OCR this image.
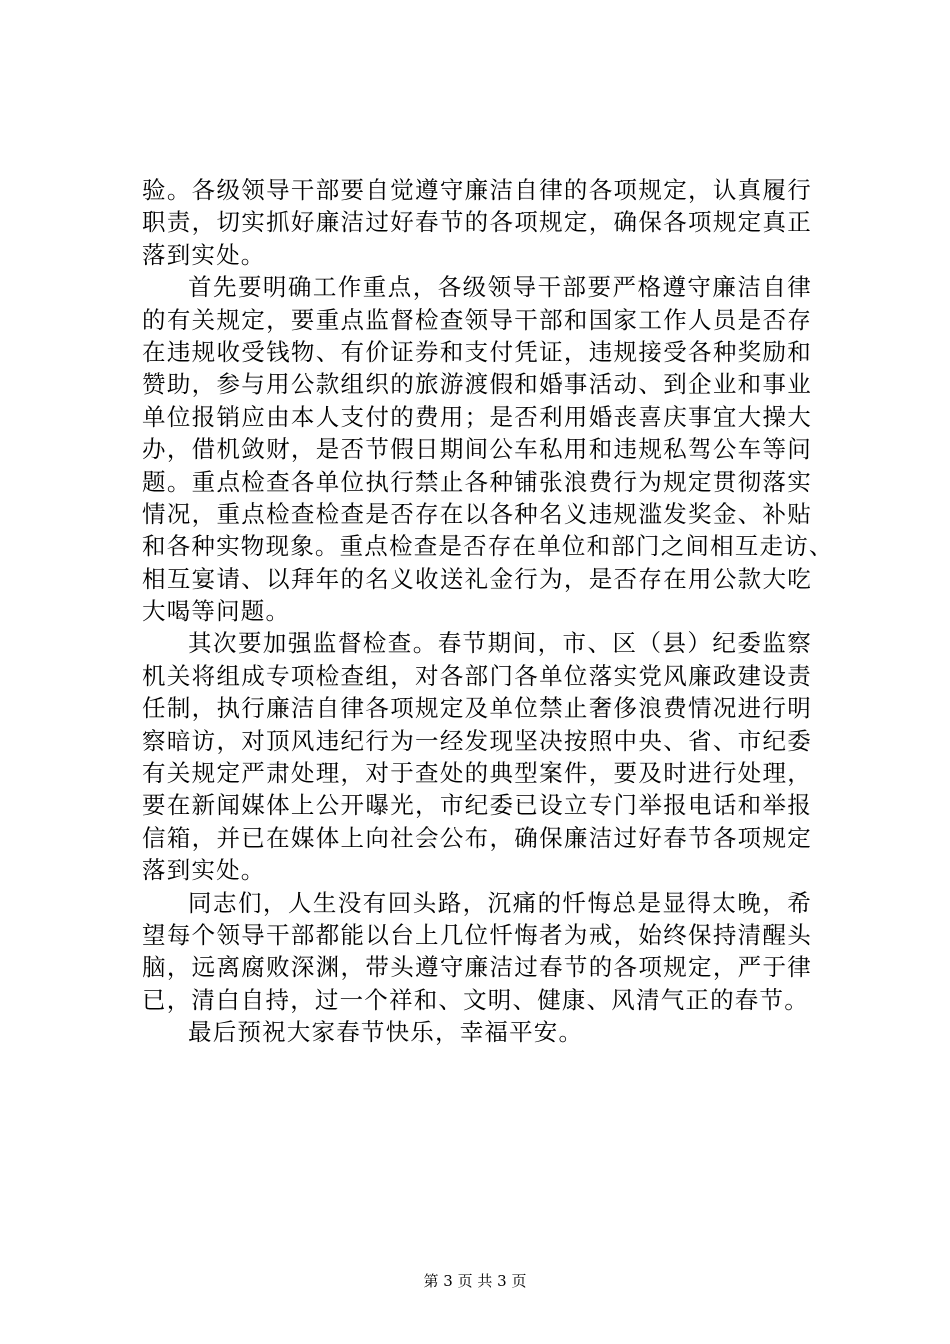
验。各级领导干部要自觉遵守廉洁自律的各项规定，认真履行
职责，切实抓好廉洁过好春节的各项规定，确保各项规定真正
落到实处。
首先要明确工作重点，各级领导干部要严格遵守廉洁自律
的有关规定，要重点监督检查领导干部和国家工作人员是否存
在违规收受钱物、有价证券和支付凭证，违规接受各种奖励和
赞助，参与用公款组织的旅游渡假和婚事活动、到企业和事业
单位报销应由本人支付的费用；是否利用婚丧喜庆事宜大操大
办，借机敛财，是否节假日期间公车私用和违规私驾公车等问
题。重点检查各单位执行禁止各种铺张浪费行为规定贯彻落实
情况，重点检查检查是否存在以各种名义违规滥发奖金、补贴
和各种实物现象。重点检查是否存在单位和部门之间相互走访、
相互宴请、以拜年的名义收送礼金行为，是否存在用公款大吃
大喝等问题。
其次要加强监督检查。春节期间，市、区（县）纪委监察
机关将组成专项检查组，对各部门各单位落实党风廉政建设责
任制，执行廉洁自律各项规定及单位禁止奢侈浪费情况进行明
察暗访，对顶风违纪行为一经发现坚决按照中央、省、市纪委
有关规定严肃处理，对于查处的典型案件，要及时进行处理，
要在新闻媒体上公开曝光，市纪委已设立专门举报电话和举报
信箱，并已在媒体上向社会公布，确保廉洁过好春节各项规定
落到实处。
同志们，人生没有回头路，沉痛的忏悔总是显得太晚，希
望每个领导干部都能以台上几位忏悔者为戒，始终保持清醒头
脑，远离腐败深渊，带头遵守廉洁过春节的各项规定，严于律
已，清白自持，过一个祥和、文明、健康、风清气正的春节。
最后预祝大家春节快乐，幸福平安。
第 3 页 共 3 页
